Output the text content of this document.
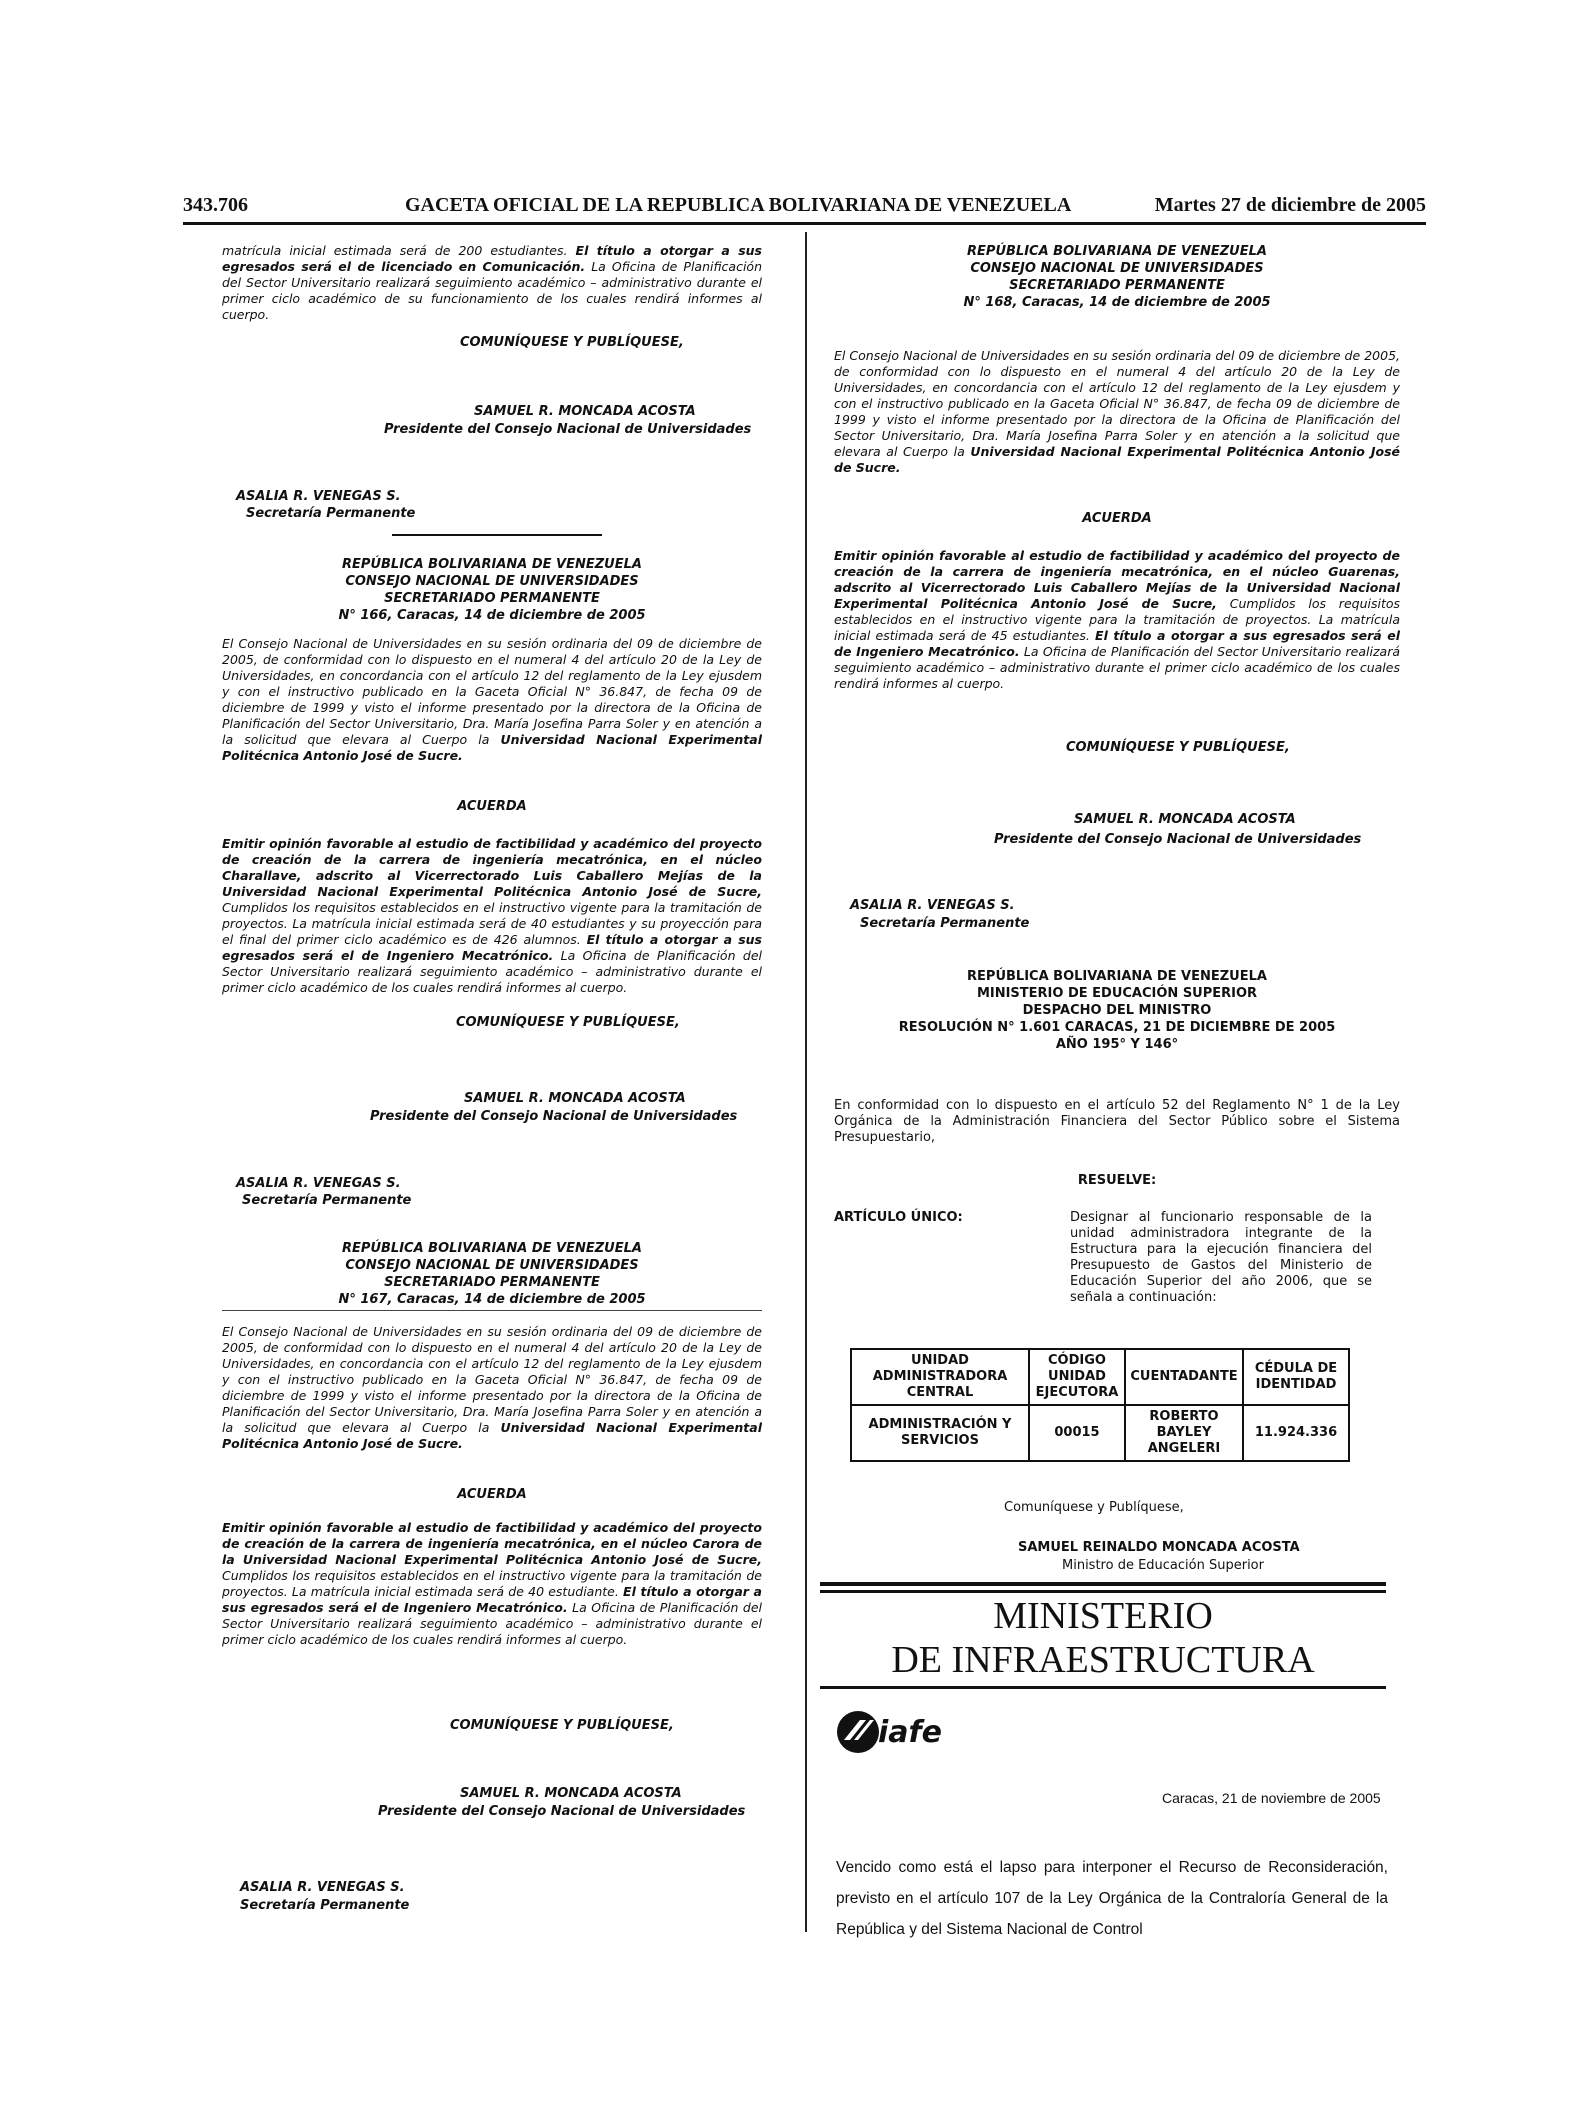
343.706	GACETA OFICIAL DE LA REPUBLICA BOLIVARIANA DE VENEZUELA	Martes 27 de diciembre de 2005
matrícula inicial estimada será de 200 estudiantes. El título a otorgar a sus egresados será el de licenciado en Comunicación. La Oficina de Planificación del Sector Universitario realizará seguimiento académico – administrativo durante el primer ciclo académico de su funcionamiento de los cuales rendirá informes al cuerpo.
COMUNÍQUESE Y PUBLÍQUESE,
SAMUEL R. MONCADA ACOSTA
Presidente del Consejo Nacional de Universidades
ASALIA R. VENEGAS S.
Secretaría Permanente
REPÚBLICA BOLIVARIANA DE VENEZUELA
CONSEJO NACIONAL DE UNIVERSIDADES
SECRETARIADO PERMANENTE
N° 166, Caracas, 14 de diciembre de 2005
El Consejo Nacional de Universidades en su sesión ordinaria del 09 de diciembre de 2005, de conformidad con lo dispuesto en el numeral 4 del artículo 20 de la Ley de Universidades, en concordancia con el artículo 12 del reglamento de la Ley ejusdem y con el instructivo publicado en la Gaceta Oficial N° 36.847, de fecha 09 de diciembre de 1999 y visto el informe presentado por la directora de la Oficina de Planificación del Sector Universitario, Dra. María Josefina Parra Soler y en atención a la solicitud que elevara al Cuerpo la Universidad Nacional Experimental Politécnica Antonio José de Sucre.
ACUERDA
Emitir opinión favorable al estudio de factibilidad y académico del proyecto de creación de la carrera de ingeniería mecatrónica, en el núcleo Charallave, adscrito al Vicerrectorado Luis Caballero Mejías de la Universidad Nacional Experimental Politécnica Antonio José de Sucre, Cumplidos los requisitos establecidos en el instructivo vigente para la tramitación de proyectos. La matrícula inicial estimada será de 40 estudiantes y su proyección para el final del primer ciclo académico es de 426 alumnos. El título a otorgar a sus egresados será el de Ingeniero Mecatrónico. La Oficina de Planificación del Sector Universitario realizará seguimiento académico – administrativo durante el primer ciclo académico de los cuales rendirá informes al cuerpo.
COMUNÍQUESE Y PUBLÍQUESE,
SAMUEL R. MONCADA ACOSTA
Presidente del Consejo Nacional de Universidades
ASALIA R. VENEGAS S.
Secretaría Permanente
REPÚBLICA BOLIVARIANA DE VENEZUELA
CONSEJO NACIONAL DE UNIVERSIDADES
SECRETARIADO PERMANENTE
N° 167, Caracas, 14 de diciembre de 2005
El Consejo Nacional de Universidades en su sesión ordinaria del 09 de diciembre de 2005, de conformidad con lo dispuesto en el numeral 4 del artículo 20 de la Ley de Universidades, en concordancia con el artículo 12 del reglamento de la Ley ejusdem y con el instructivo publicado en la Gaceta Oficial N° 36.847, de fecha 09 de diciembre de 1999 y visto el informe presentado por la directora de la Oficina de Planificación del Sector Universitario, Dra. María Josefina Parra Soler y en atención a la solicitud que elevara al Cuerpo la Universidad Nacional Experimental Politécnica Antonio José de Sucre.
ACUERDA
Emitir opinión favorable al estudio de factibilidad y académico del proyecto de creación de la carrera de ingeniería mecatrónica, en el núcleo Carora de la Universidad Nacional Experimental Politécnica Antonio José de Sucre, Cumplidos los requisitos establecidos en el instructivo vigente para la tramitación de proyectos. La matrícula inicial estimada será de 40 estudiante. El título a otorgar a sus egresados será el de Ingeniero Mecatrónico. La Oficina de Planificación del Sector Universitario realizará seguimiento académico – administrativo durante el primer ciclo académico de los cuales rendirá informes al cuerpo.
COMUNÍQUESE Y PUBLÍQUESE,
SAMUEL R. MONCADA ACOSTA
Presidente del Consejo Nacional de Universidades
ASALIA R. VENEGAS S.
Secretaría Permanente
REPÚBLICA BOLIVARIANA DE VENEZUELA
CONSEJO NACIONAL DE UNIVERSIDADES
SECRETARIADO PERMANENTE
N° 168, Caracas, 14 de diciembre de 2005
El Consejo Nacional de Universidades en su sesión ordinaria del 09 de diciembre de 2005, de conformidad con lo dispuesto en el numeral 4 del artículo 20 de la Ley de Universidades, en concordancia con el artículo 12 del reglamento de la Ley ejusdem y con el instructivo publicado en la Gaceta Oficial N° 36.847, de fecha 09 de diciembre de 1999 y visto el informe presentado por la directora de la Oficina de Planificación del Sector Universitario, Dra. María Josefina Parra Soler y en atención a la solicitud que elevara al Cuerpo la Universidad Nacional Experimental Politécnica Antonio José de Sucre.
ACUERDA
Emitir opinión favorable al estudio de factibilidad y académico del proyecto de creación de la carrera de ingeniería mecatrónica, en el núcleo Guarenas, adscrito al Vicerrectorado Luis Caballero Mejías de la Universidad Nacional Experimental Politécnica Antonio José de Sucre, Cumplidos los requisitos establecidos en el instructivo vigente para la tramitación de proyectos. La matrícula inicial estimada será de 45 estudiantes. El título a otorgar a sus egresados será el de Ingeniero Mecatrónico. La Oficina de Planificación del Sector Universitario realizará seguimiento académico – administrativo durante el primer ciclo académico de los cuales rendirá informes al cuerpo.
COMUNÍQUESE Y PUBLÍQUESE,
SAMUEL R. MONCADA ACOSTA
Presidente del Consejo Nacional de Universidades
ASALIA R. VENEGAS S.
Secretaría Permanente
REPÚBLICA BOLIVARIANA DE VENEZUELA
MINISTERIO DE EDUCACIÓN SUPERIOR
DESPACHO DEL MINISTRO
RESOLUCIÓN N° 1.601 CARACAS, 21 DE DICIEMBRE DE 2005
AÑO 195° Y 146°
En conformidad con lo dispuesto en el artículo 52 del Reglamento N° 1 de la Ley Orgánica de la Administración Financiera del Sector Público sobre el Sistema Presupuestario,
RESUELVE:
ARTÍCULO ÚNICO:	Designar al funcionario responsable de la unidad administradora integrante de la Estructura para la ejecución financiera del Presupuesto de Gastos del Ministerio de Educación Superior del año 2006, que se señala a continuación:
UNIDAD ADMINISTRADORA CENTRAL	CÓDIGO UNIDAD EJECUTORA	CUENTADANTE	CÉDULA DE IDENTIDAD
ADMINISTRACIÓN Y SERVICIOS	00015	ROBERTO BAYLEY ANGELERI	11.924.336
Comuníquese y Publíquese,
SAMUEL REINALDO MONCADA ACOSTA
Ministro de Educación Superior
MINISTERIO
DE INFRAESTRUCTURA
iafe
Caracas, 21 de noviembre de 2005
Vencido como está el lapso para interponer el Recurso de Reconsideración, previsto en el artículo 107 de la Ley Orgánica de la Contraloría General de la República y del Sistema Nacional de Control
